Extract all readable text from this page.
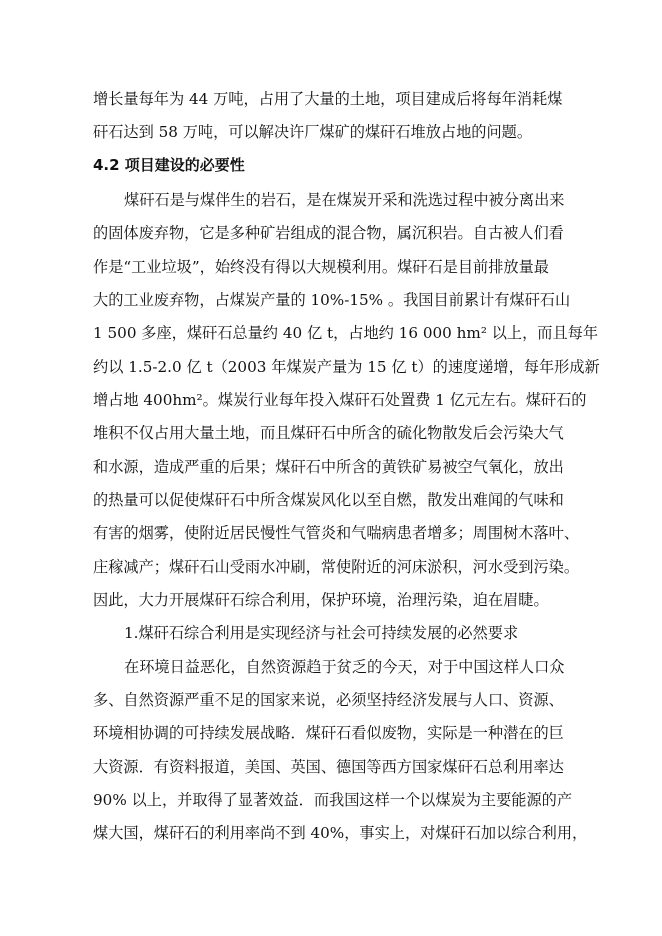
增长量每年为 44 万吨，占用了大量的土地，项目建成后将每年消耗煤
矸石达到 58 万吨，可以解决许厂煤矿的煤矸石堆放占地的问题。
4.2 项目建设的必要性
煤矸石是与煤伴生的岩石，是在煤炭开采和洗选过程中被分离出来
的固体废弃物，它是多种矿岩组成的混合物，属沉积岩。自古被人们看
作是“工业垃圾”，始终没有得以大规模利用。煤矸石是目前排放量最
大的工业废弃物，占煤炭产量的 10%-15% 。我国目前累计有煤矸石山
1 500 多座，煤矸石总量约 40 亿 t，占地约 16 000 hm² 以上，而且每年
约以 1.5-2.0 亿 t（2003 年煤炭产量为 15 亿 t）的速度递增，每年形成新
增占地 400hm²。煤炭行业每年投入煤矸石处置费 1 亿元左右。煤矸石的
堆积不仅占用大量土地，而且煤矸石中所含的硫化物散发后会污染大气
和水源，造成严重的后果；煤矸石中所含的黄铁矿易被空气氧化，放出
的热量可以促使煤矸石中所含煤炭风化以至自燃，散发出难闻的气味和
有害的烟雾，使附近居民慢性气管炎和气喘病患者增多；周围树木落叶、
庄稼减产；煤矸石山受雨水冲刷，常使附近的河床淤积，河水受到污染。
因此，大力开展煤矸石综合利用，保护环境，治理污染，迫在眉睫。
1.煤矸石综合利用是实现经济与社会可持续发展的必然要求
在环境日益恶化，自然资源趋于贫乏的今天，对于中国这样人口众
多、自然资源严重不足的国家来说，必须坚持经济发展与人口、资源、
环境相协调的可持续发展战略．煤矸石看似废物，实际是一种潜在的巨
大资源．有资料报道，美国、英国、德国等西方国家煤矸石总利用率达
90% 以上，并取得了显著效益．而我国这样一个以煤炭为主要能源的产
煤大国，煤矸石的利用率尚不到 40%，事实上，对煤矸石加以综合利用，
